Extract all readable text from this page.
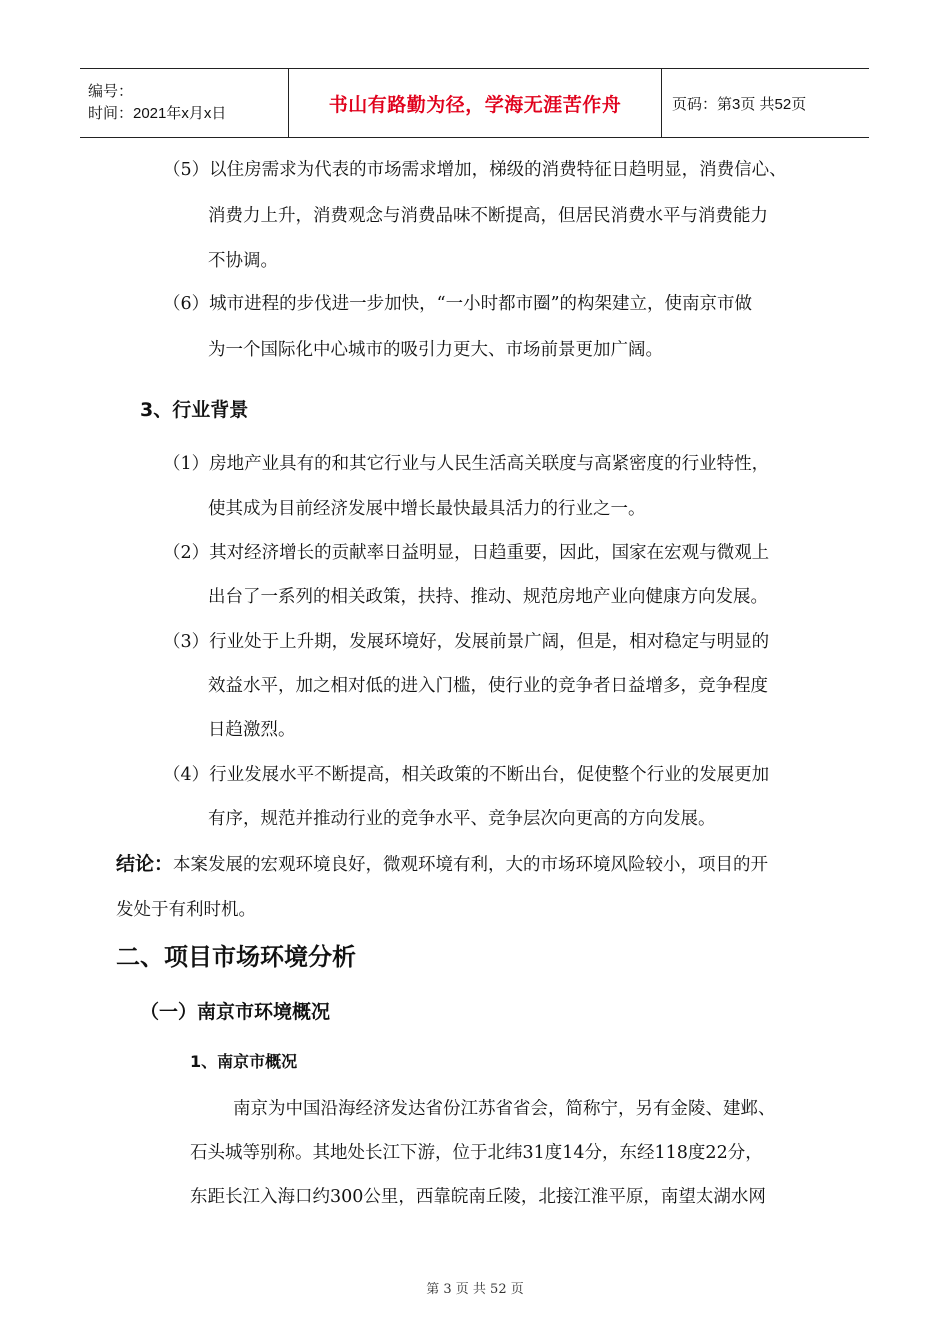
编号：
时间：2021年x月x日	书山有路勤为径，学海无涯苦作舟	页码：第3页 共52页
（5）以住房需求为代表的市场需求增加，梯级的消费特征日趋明显，消费信心、
消费力上升，消费观念与消费品味不断提高，但居民消费水平与消费能力
不协调。
（6）城市进程的步伐进一步加快，“一小时都市圈”的构架建立，使南京市做
为一个国际化中心城市的吸引力更大、市场前景更加广阔。
3、行业背景
（1）房地产业具有的和其它行业与人民生活高关联度与高紧密度的行业特性，
使其成为目前经济发展中增长最快最具活力的行业之一。
（2）其对经济增长的贡献率日益明显，日趋重要，因此，国家在宏观与微观上
出台了一系列的相关政策，扶持、推动、规范房地产业向健康方向发展。
（3）行业处于上升期，发展环境好，发展前景广阔，但是，相对稳定与明显的
效益水平，加之相对低的进入门槛，使行业的竞争者日益增多，竞争程度
日趋激烈。
（4）行业发展水平不断提高，相关政策的不断出台，促使整个行业的发展更加
有序，规范并推动行业的竞争水平、竞争层次向更高的方向发展。
结论：本案发展的宏观环境良好，微观环境有利，大的市场环境风险较小，项目的开
发处于有利时机。
二、项目市场环境分析
（一）南京市环境概况
1、南京市概况
南京为中国沿海经济发达省份江苏省省会，简称宁，另有金陵、建邺、
石头城等别称。其地处长江下游，位于北纬31度14分，东经118度22分，
东距长江入海口约300公里，西靠皖南丘陵，北接江淮平原，南望太湖水网
第 3 页 共 52 页
